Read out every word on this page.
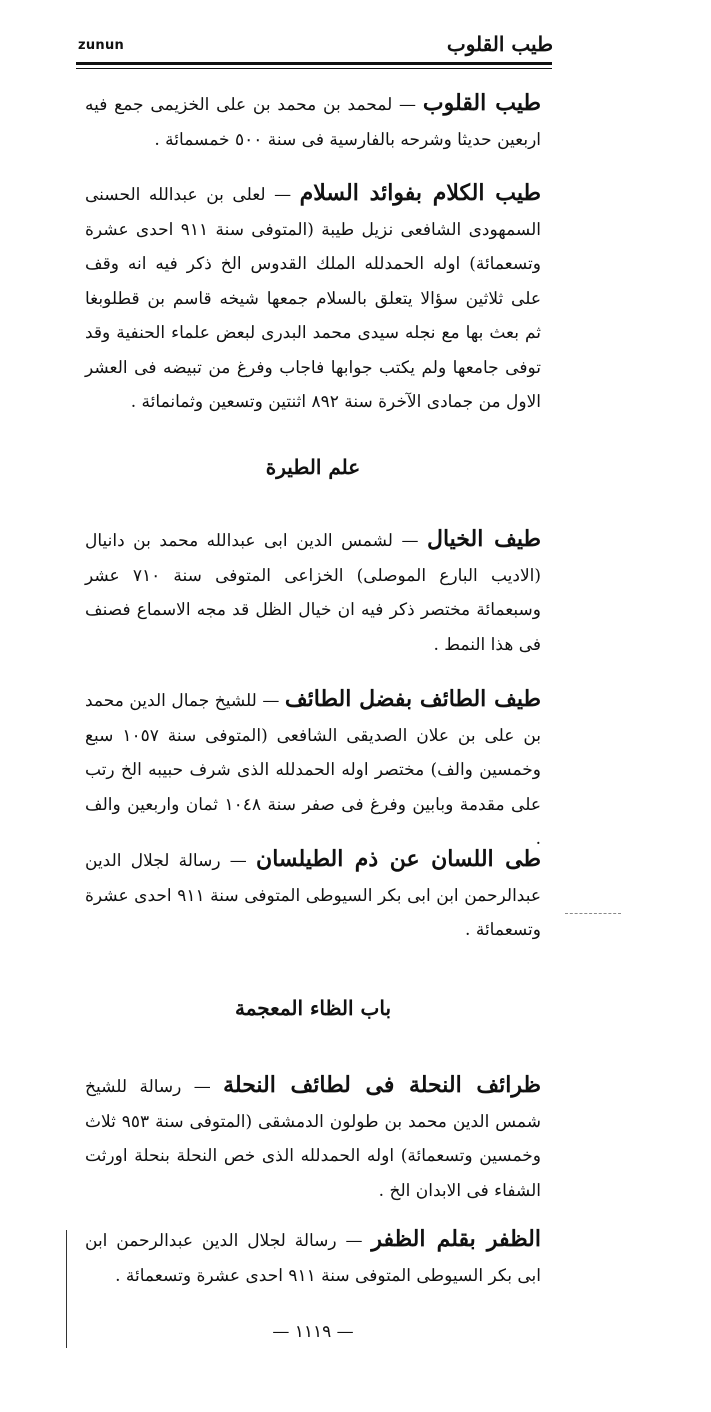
zunun	طيب القلوب
طيب القلوب — لمحمد بن محمد بن على الخزيمى جمع فيه اربعين حديثا وشرحه بالفارسية فى سنة ٥٠٠ خمسمائة .
طيب الكلام بفوائد السلام — لعلى بن عبدالله الحسنى السمهودى الشافعى نزيل طيبة (المتوفى سنة ٩١١ احدى عشرة وتسعمائة) اوله الحمدلله الملك القدوس الخ ذكر فيه انه وقف على ثلاثين سؤالا يتعلق بالسلام جمعها شيخه قاسم بن قطلوبغا ثم بعث بها مع نجله سيدى محمد البدرى لبعض علماء الحنفية وقد توفى جامعها ولم يكتب جوابها فاجاب وفرغ من تبيضه فى العشر الاول من جمادى الآخرة سنة ٨٩٢ اثنتين وتسعين وثمانمائة .
علم الطيرة
طيف الخيال — لشمس الدين ابى عبدالله محمد بن دانيال (الاديب البارع الموصلى) الخزاعى المتوفى سنة ٧١٠ عشر وسبعمائة مختصر ذكر فيه ان خيال الظل قد مجه الاسماع فصنف فى هذا النمط .
طيف الطائف بفضل الطائف — للشيخ جمال الدين محمد بن على بن علان الصديقى الشافعى (المتوفى سنة ١٠٥٧ سبع وخمسين والف) مختصر اوله الحمدلله الذى شرف حبيبه الخ رتب على مقدمة وبابين وفرغ فى صفر سنة ١٠٤٨ ثمان واربعين والف .
طى اللسان عن ذم الطيلسان — رسالة لجلال الدين عبدالرحمن ابن ابى بكر السيوطى المتوفى سنة ٩١١ احدى عشرة وتسعمائة .
باب الظاء المعجمة
ظرائف النحلة فى لطائف النحلة — رسالة للشيخ شمس الدين محمد بن طولون الدمشقى (المتوفى سنة ٩٥٣ ثلاث وخمسين وتسعمائة) اوله الحمدلله الذى خص النحلة بنحلة اورثت الشفاء فى الابدان الخ .
الظفر بقلم الظفر — رسالة لجلال الدين عبدالرحمن ابن ابى بكر السيوطى المتوفى سنة ٩١١ احدى عشرة وتسعمائة .
— ١١١٩ —
